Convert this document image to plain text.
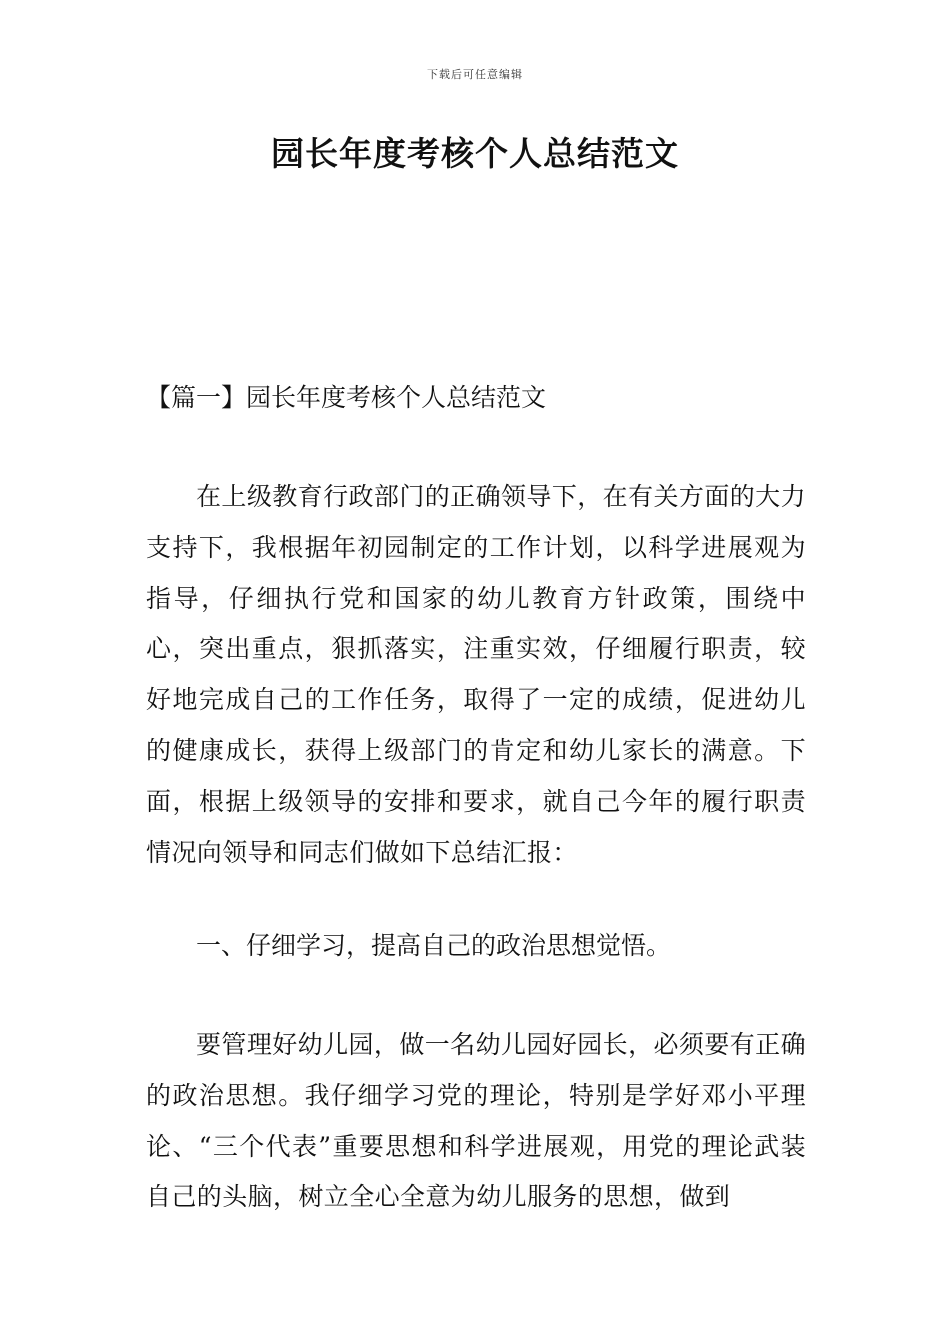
下载后可任意编辑
园长年度考核个人总结范文

【篇一】园长年度考核个人总结范文

在上级教育行政部门的正确领导下，在有关方面的大力支持下，我根据年初园制定的工作计划，以科学进展观为指导，仔细执行党和国家的幼儿教育方针政策，围绕中心，突出重点，狠抓落实，注重实效，仔细履行职责，较好地完成自己的工作任务，取得了一定的成绩，促进幼儿的健康成长，获得上级部门的肯定和幼儿家长的满意。下面，根据上级领导的安排和要求，就自己今年的履行职责情况向领导和同志们做如下总结汇报：

一、仔细学习，提高自己的政治思想觉悟。

要管理好幼儿园，做一名幼儿园好园长，必须要有正确的政治思想。我仔细学习党的理论，特别是学好邓小平理论、“三个代表”重要思想和科学进展观，用党的理论武装自己的头脑，树立全心全意为幼儿服务的思想，做到
